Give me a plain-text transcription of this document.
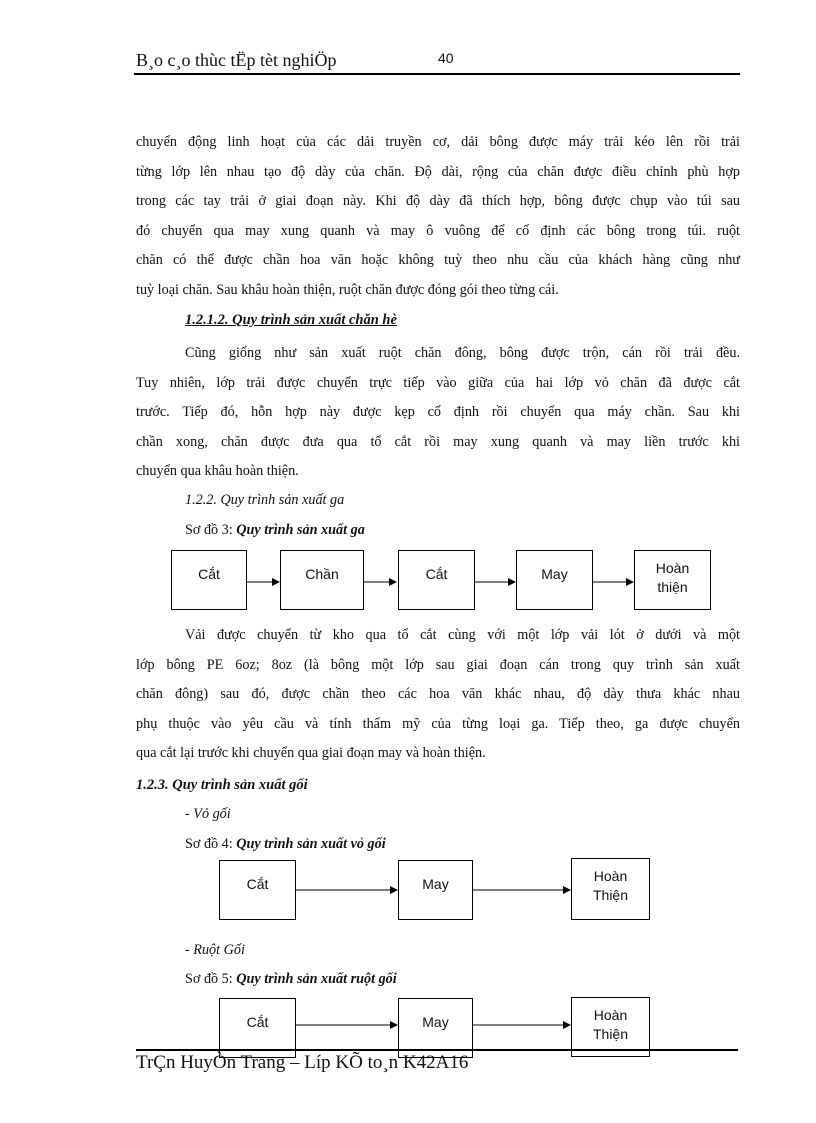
B¸o c¸o thùc tËp tèt nghiÖp	40
chuyển động linh hoạt của các dải truyền cơ, dải bông được máy trải kéo lên rồi trải
từng lớp lên nhau tạo độ dày của chăn. Độ dài, rộng của chăn được điều chỉnh phù hợp
trong các tay trải ở giai đoạn này. Khi độ dày đã thích hợp, bông được chụp vào túi sau
đó chuyển qua may xung quanh và may ô vuông để cố định các bông trong túi. ruột
chăn có thể được chần hoa văn hoặc không tuỳ theo nhu cầu của khách hàng cũng như
tuỳ loại chăn. Sau khâu hoàn thiện, ruột chăn được đóng gói theo từng cái.
1.2.1.2. Quy trình sản xuất chăn hè
Cũng giống như sản xuất ruột chăn đông, bông được trộn, cán rồi trải đều.
Tuy nhiên, lớp trải được chuyển trực tiếp vào giữa của hai lớp vỏ chăn đã được cắt
trước. Tiếp đó, hỗn hợp này được kẹp cố định rồi chuyển qua máy chần. Sau khi
chần xong, chăn được đưa qua tổ cắt rồi may xung quanh và may liền trước khi
chuyển qua khâu hoàn thiện.
1.2.2. Quy trình sản xuất ga
Sơ đồ 3: Quy trình sản xuất ga
Cắt	Chần	Cắt	May	Hoàn thiện
Vải được chuyển từ kho qua tổ cắt cùng với một lớp vải lót ở dưới và một
lớp bông PE 6oz; 8oz (là bông một lớp sau giai đoạn cán trong quy trình sản xuất
chăn đông) sau đó, được chần theo các hoa văn khác nhau, độ dày thưa khác nhau
phụ thuộc vào yêu cầu và tính thẩm mỹ của từng loại ga. Tiếp theo, ga được chuyển
qua cắt lại trước khi chuyển qua giai đoạn may và hoàn thiện.
1.2.3. Quy trình sản xuất gối
- Vỏ gối
Sơ đồ 4: Quy trình sản xuất vỏ gối
Cắt	May	Hoàn Thiện
- Ruột Gối
Sơ đồ 5: Quy trình sản xuất ruột gối
Cắt	May	Hoàn Thiện
TrÇn HuyÒn Trang – Líp KÕ to¸n K42A16
